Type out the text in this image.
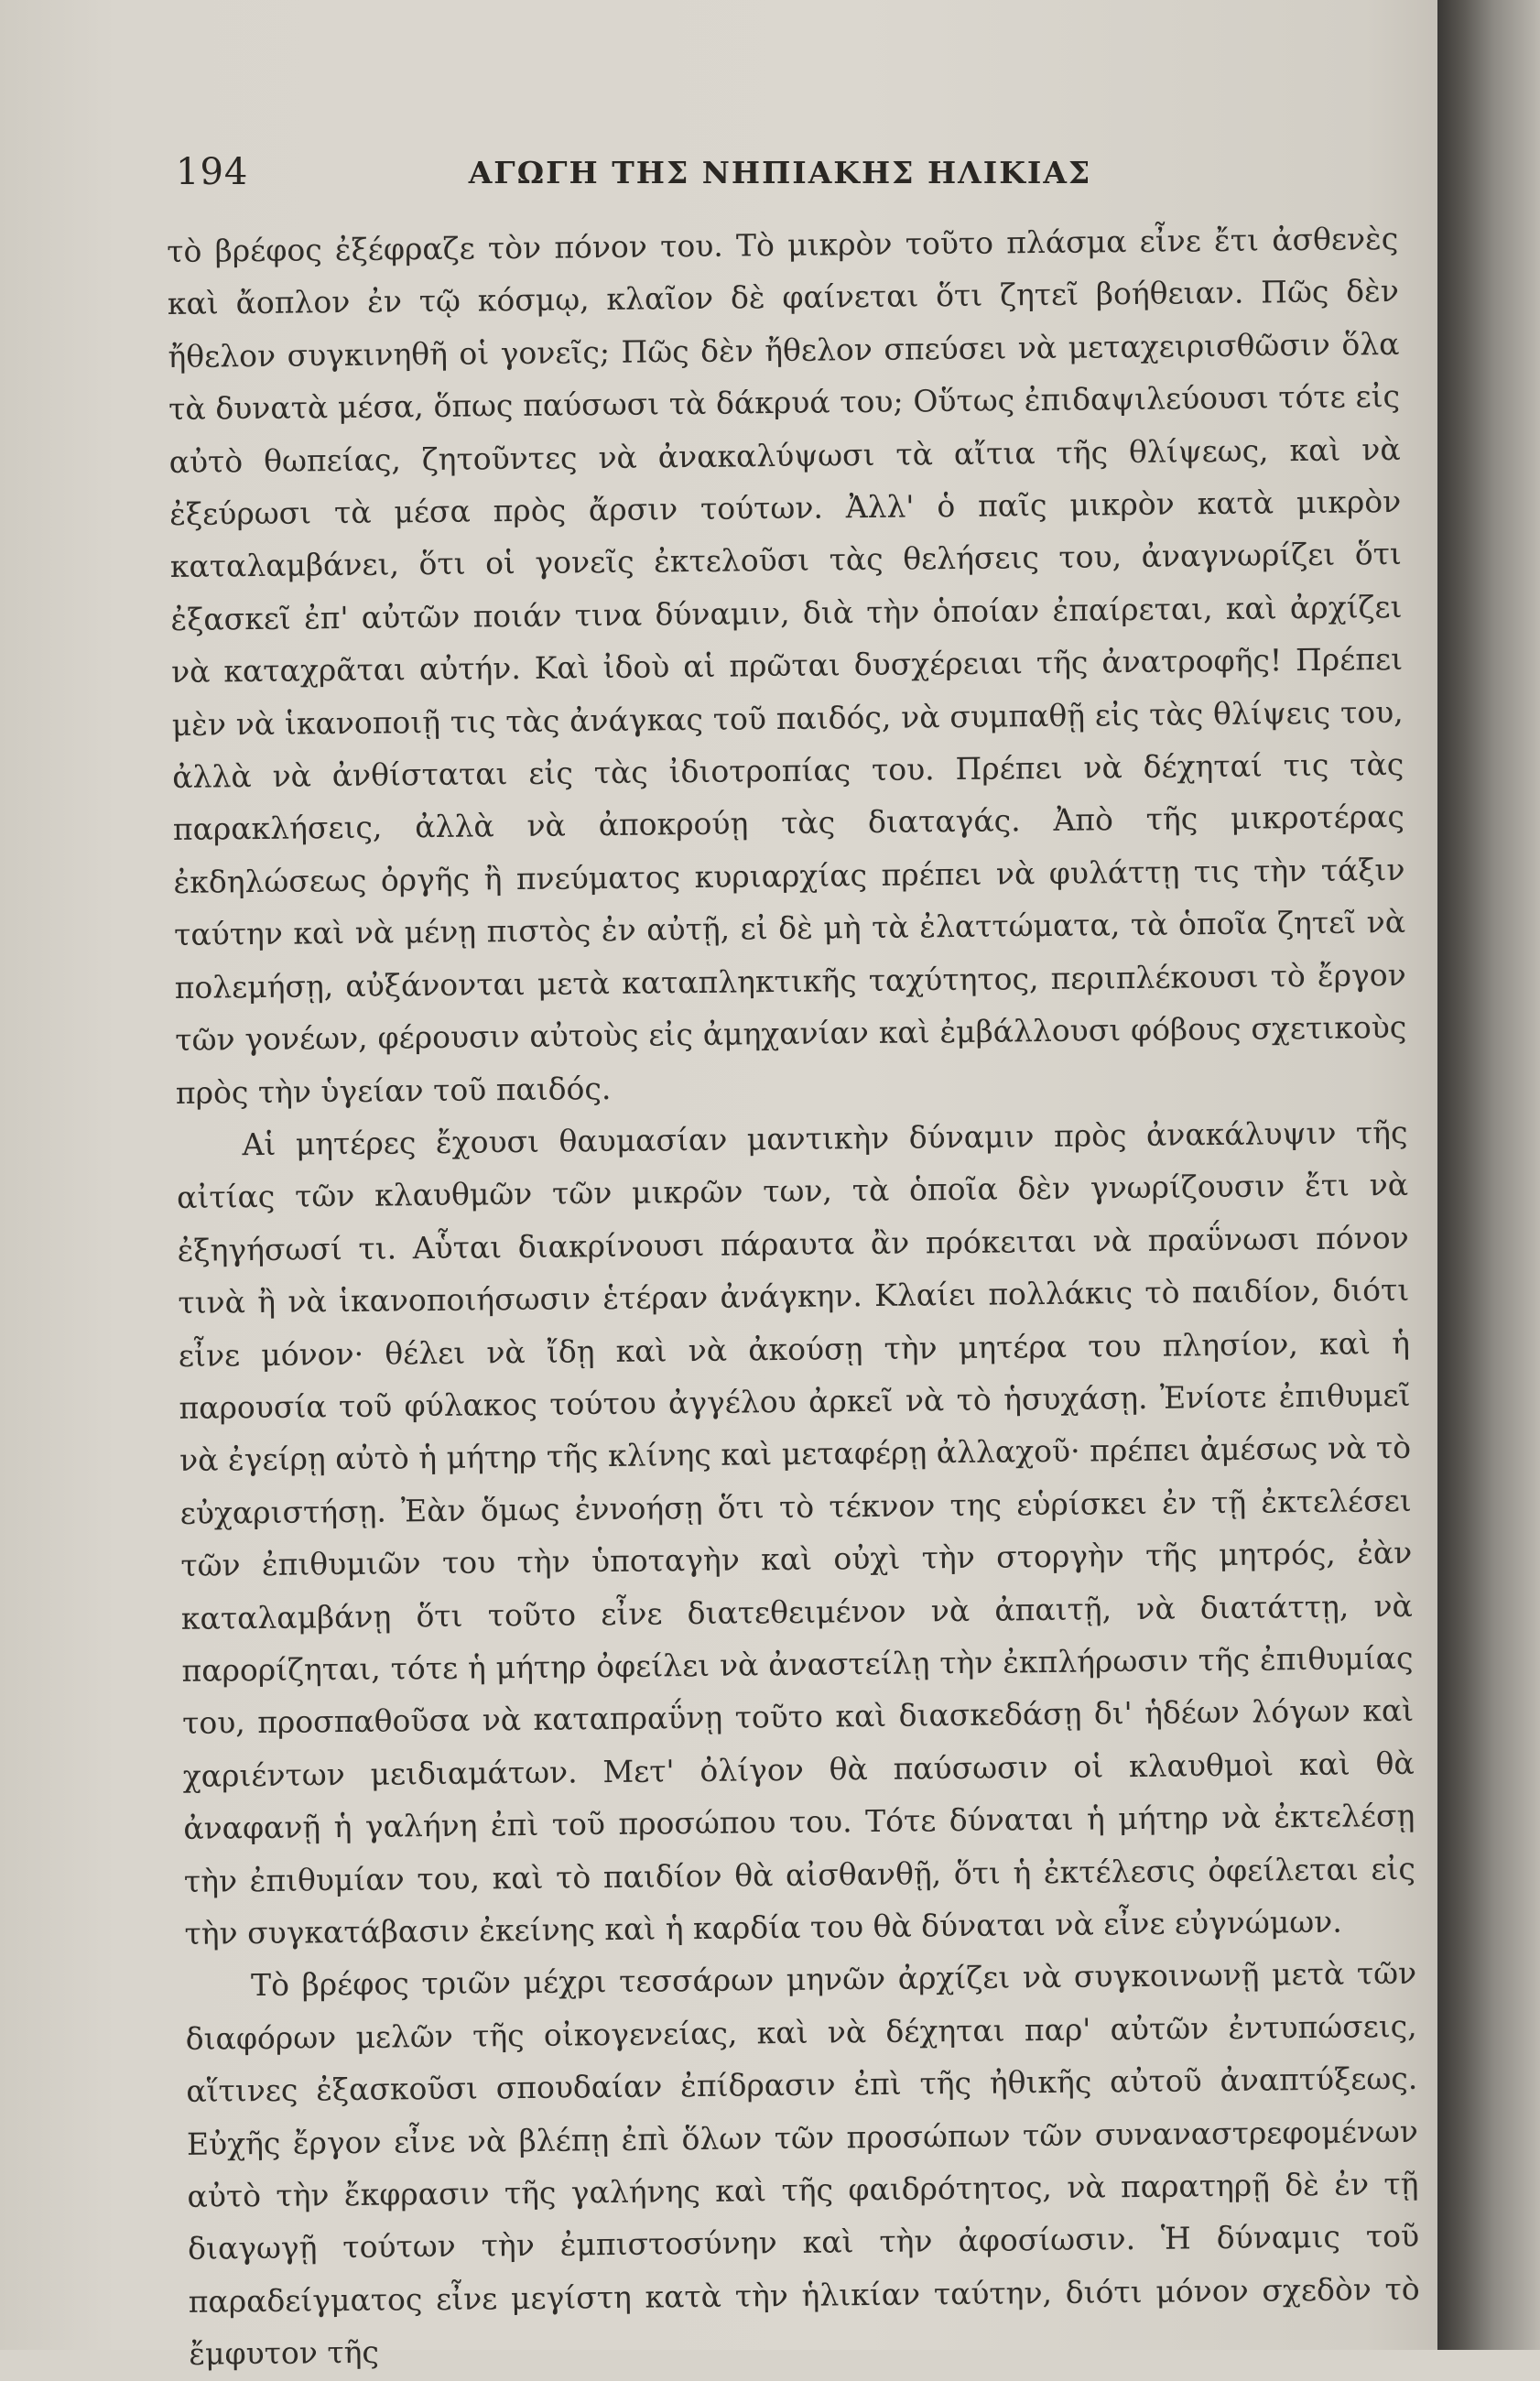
194	ΑΓΩΓΗ ΤΗΣ ΝΗΠΙΑΚΗΣ ΗΛΙΚΙΑΣ

τὸ βρέφος ἐξέφραζε τὸν πόνον του. Τὸ μικρὸν τοῦτο πλάσμα εἶνε ἔτι ἀσθενὲς καὶ ἄοπλον ἐν τῷ κόσμῳ, κλαῖον δὲ φαίνεται ὅτι ζητεῖ βοήθειαν. Πῶς δὲν ἤθελον συγκινηθῆ οἱ γονεῖς; Πῶς δὲν ἤθελον σπεύσει νὰ μεταχειρισθῶσιν ὅλα τὰ δυνατὰ μέσα, ὅπως παύσωσι τὰ δάκρυά του; Οὕτως ἐπιδαψιλεύουσι τότε εἰς αὐτὸ θωπείας, ζητοῦντες νὰ ἀνακαλύψωσι τὰ αἴτια τῆς θλίψεως, καὶ νὰ ἐξεύρωσι τὰ μέσα πρὸς ἄρσιν τούτων. Ἀλλ' ὁ παῖς μικρὸν κατὰ μικρὸν καταλαμβάνει, ὅτι οἱ γονεῖς ἐκτελοῦσι τὰς θελήσεις του, ἀναγνωρίζει ὅτι ἐξασκεῖ ἐπ' αὐτῶν ποιάν τινα δύναμιν, διὰ τὴν ὁποίαν ἐπαίρεται, καὶ ἀρχίζει νὰ καταχρᾶται αὐτήν. Καὶ ἰδοὺ αἱ πρῶται δυσχέρειαι τῆς ἀνατροφῆς! Πρέπει μὲν νὰ ἱκανοποιῇ τις τὰς ἀνάγκας τοῦ παιδός, νὰ συμπαθῇ εἰς τὰς θλίψεις του, ἀλλὰ νὰ ἀνθίσταται εἰς τὰς ἰδιοτροπίας του. Πρέπει νὰ δέχηταί τις τὰς παρακλήσεις, ἀλλὰ νὰ ἀποκρούῃ τὰς διαταγάς. Ἀπὸ τῆς μικροτέρας ἐκδηλώσεως ὀργῆς ἢ πνεύματος κυριαρχίας πρέπει νὰ φυλάττῃ τις τὴν τάξιν ταύτην καὶ νὰ μένῃ πιστὸς ἐν αὐτῇ, εἰ δὲ μὴ τὰ ἐλαττώματα, τὰ ὁποῖα ζητεῖ νὰ πολεμήσῃ, αὐξάνονται μετὰ καταπληκτικῆς ταχύτητος, περιπλέκουσι τὸ ἔργον τῶν γονέων, φέρουσιν αὐτοὺς εἰς ἀμηχανίαν καὶ ἐμβάλλουσι φόβους σχετικοὺς πρὸς τὴν ὑγείαν τοῦ παιδός.

Αἱ μητέρες ἔχουσι θαυμασίαν μαντικὴν δύναμιν πρὸς ἀνακάλυψιν τῆς αἰτίας τῶν κλαυθμῶν τῶν μικρῶν των, τὰ ὁποῖα δὲν γνωρίζουσιν ἔτι νὰ ἐξηγήσωσί τι. Αὗται διακρίνουσι πάραυτα ἂν πρόκειται νὰ πραΰνωσι πόνον τινὰ ἢ νὰ ἱκανοποιήσωσιν ἑτέραν ἀνάγκην. Κλαίει πολλάκις τὸ παιδίον, διότι εἶνε μόνον· θέλει νὰ ἴδῃ καὶ νὰ ἀκούσῃ τὴν μητέρα του πλησίον, καὶ ἡ παρουσία τοῦ φύλακος τούτου ἀγγέλου ἀρκεῖ νὰ τὸ ἡσυχάσῃ. Ἐνίοτε ἐπιθυμεῖ νὰ ἐγείρῃ αὐτὸ ἡ μήτηρ τῆς κλίνης καὶ μεταφέρῃ ἀλλαχοῦ· πρέπει ἀμέσως νὰ τὸ εὐχαριστήσῃ. Ἐὰν ὅμως ἐννοήσῃ ὅτι τὸ τέκνον της εὑρίσκει ἐν τῇ ἐκτελέσει τῶν ἐπιθυμιῶν του τὴν ὑποταγὴν καὶ οὐχὶ τὴν στοργὴν τῆς μητρός, ἐὰν καταλαμβάνῃ ὅτι τοῦτο εἶνε διατεθειμένον νὰ ἀπαιτῇ, νὰ διατάττῃ, νὰ παρορίζηται, τότε ἡ μήτηρ ὀφείλει νὰ ἀναστείλῃ τὴν ἐκπλήρωσιν τῆς ἐπιθυμίας του, προσπαθοῦσα νὰ καταπραΰνῃ τοῦτο καὶ διασκεδάσῃ δι' ἡδέων λόγων καὶ χαριέντων μειδιαμάτων. Μετ' ὀλίγον θὰ παύσωσιν οἱ κλαυθμοὶ καὶ θὰ ἀναφανῇ ἡ γαλήνη ἐπὶ τοῦ προσώπου του. Τότε δύναται ἡ μήτηρ νὰ ἐκτελέσῃ τὴν ἐπιθυμίαν του, καὶ τὸ παιδίον θὰ αἰσθανθῇ, ὅτι ἡ ἐκτέλεσις ὀφείλεται εἰς τὴν συγκατάβασιν ἐκείνης καὶ ἡ καρδία του θὰ δύναται νὰ εἶνε εὐγνώμων.

Τὸ βρέφος τριῶν μέχρι τεσσάρων μηνῶν ἀρχίζει νὰ συγκοινωνῇ μετὰ τῶν διαφόρων μελῶν τῆς οἰκογενείας, καὶ νὰ δέχηται παρ' αὐτῶν ἐντυπώσεις, αἵτινες ἐξασκοῦσι σπουδαίαν ἐπίδρασιν ἐπὶ τῆς ἠθικῆς αὐτοῦ ἀναπτύξεως. Εὐχῆς ἔργον εἶνε νὰ βλέπῃ ἐπὶ ὅλων τῶν προσώπων τῶν συναναστρεφομένων αὐτὸ τὴν ἔκφρασιν τῆς γαλήνης καὶ τῆς φαιδρότητος, νὰ παρατηρῇ δὲ ἐν τῇ διαγωγῇ τούτων τὴν ἐμπιστοσύνην καὶ τὴν ἀφοσίωσιν. Ἡ δύναμις τοῦ παραδείγματος εἶνε μεγίστη κατὰ τὴν ἡλικίαν ταύτην, διότι μόνον σχεδὸν τὸ ἔμφυτον τῆς
